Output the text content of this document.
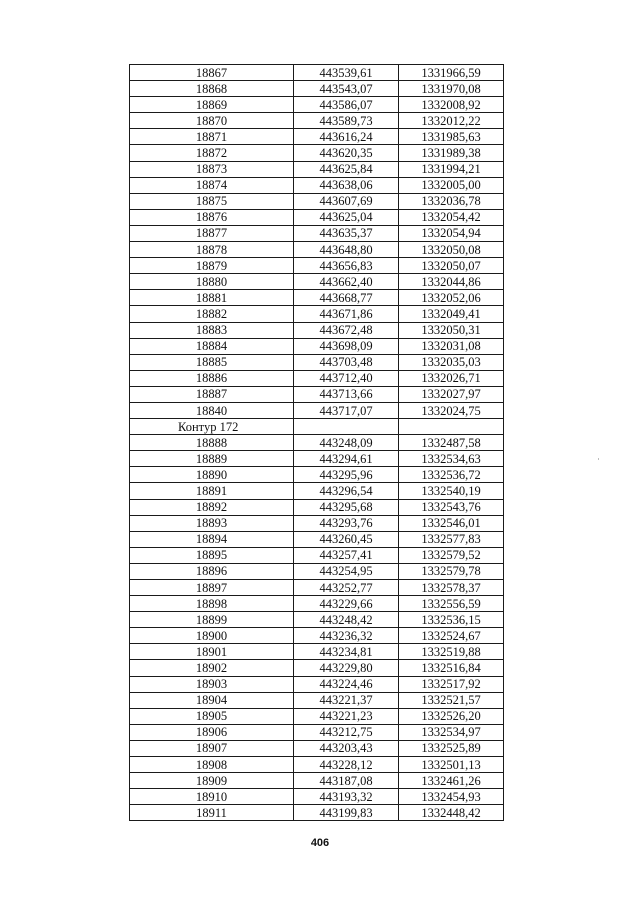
18867	443539,61	1331966,59
18868	443543,07	1331970,08
18869	443586,07	1332008,92
18870	443589,73	1332012,22
18871	443616,24	1331985,63
18872	443620,35	1331989,38
18873	443625,84	1331994,21
18874	443638,06	1332005,00
18875	443607,69	1332036,78
18876	443625,04	1332054,42
18877	443635,37	1332054,94
18878	443648,80	1332050,08
18879	443656,83	1332050,07
18880	443662,40	1332044,86
18881	443668,77	1332052,06
18882	443671,86	1332049,41
18883	443672,48	1332050,31
18884	443698,09	1332031,08
18885	443703,48	1332035,03
18886	443712,40	1332026,71
18887	443713,66	1332027,97
18840	443717,07	1332024,75
Контур 172		
18888	443248,09	1332487,58
18889	443294,61	1332534,63
18890	443295,96	1332536,72
18891	443296,54	1332540,19
18892	443295,68	1332543,76
18893	443293,76	1332546,01
18894	443260,45	1332577,83
18895	443257,41	1332579,52
18896	443254,95	1332579,78
18897	443252,77	1332578,37
18898	443229,66	1332556,59
18899	443248,42	1332536,15
18900	443236,32	1332524,67
18901	443234,81	1332519,88
18902	443229,80	1332516,84
18903	443224,46	1332517,92
18904	443221,37	1332521,57
18905	443221,23	1332526,20
18906	443212,75	1332534,97
18907	443203,43	1332525,89
18908	443228,12	1332501,13
18909	443187,08	1332461,26
18910	443193,32	1332454,93
18911	443199,83	1332448,42
406
